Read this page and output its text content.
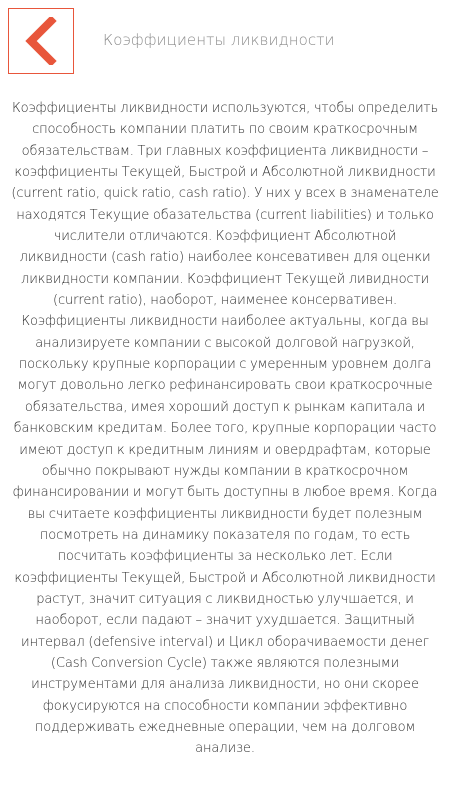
Коэффициенты ликвидности
Коэффициенты ликвидности используются, чтобы определить способность компании платить по своим краткосрочным обязательствам. Три главных коэффициента ликвидности – коэффициенты Текущей, Быстрой и Абсолютной ликвидности (current ratio, quick ratio, cash ratio). У них у всех в знаменателе находятся Текущие обазательства (current liabilities) и только числители отличаются. Коэффициент Абсолютной ликвидности (cash ratio) наиболее консевативен для оценки ликвидности компании. Коэффициент Текущей ливидности (current ratio), наоборот, наименее консервативен. Коэффициенты ликвидности наиболее актуальны, когда вы анализируете компании с высокой долговой нагрузкой, поскольку крупные корпорации с умеренным уровнем долга могут довольно легко рефинансировать свои краткосрочные обязательства, имея хороший доступ к рынкам капитала и банковским кредитам. Более того, крупные корпорации часто имеют доступ к кредитным линиям и овердрафтам, которые обычно покрывают нужды компании в краткосрочном финансировании и могут быть доступны в любое время. Когда вы считаете коэффициенты ликвидности будет полезным посмотреть на динамику показателя по годам, то есть посчитать коэффициенты за несколько лет. Если коэффициенты Текущей, Быстрой и Абсолютной ликвидности растут, значит ситуация с ликвидностью улучшается, и наоборот, если падают – значит ухудшается. Защитный интервал (defensive interval) и Цикл оборачиваемости денег (Cash Conversion Cycle) также являются полезными инструментами для анализа ликвидности, но они скорее фокусируются на способности компании эффективно поддерживать ежедневные операции, чем на долговом анализе.
